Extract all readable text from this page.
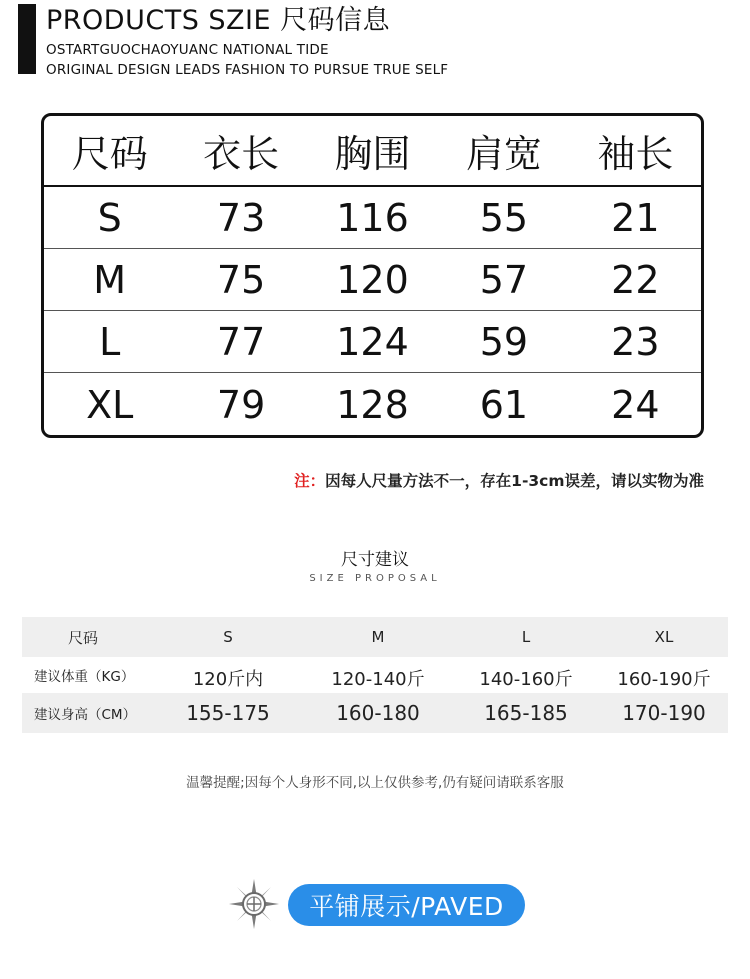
PRODUCTS SZIE 尺码信息
OSTARTGUOCHAOYUANC NATIONAL TIDE
ORIGINAL DESIGN LEADS FASHION TO PURSUE TRUE SELF
尺码	衣长	胸围	肩宽	袖长
S	73	116	55	21
M	75	120	57	22
L	77	124	59	23
XL	79	128	61	24
注：因每人尺量方法不一，存在1-3cm误差，请以实物为准
尺寸建议
SIZE PROPOSAL
尺码	S	M	L	XL
建议体重（KG）	120斤内	120-140斤	140-160斤	160-190斤
建议身高（CM）	155-175	160-180	165-185	170-190
温馨提醒;因每个人身形不同,以上仅供参考,仍有疑问请联系客服
平铺展示/PAVED
